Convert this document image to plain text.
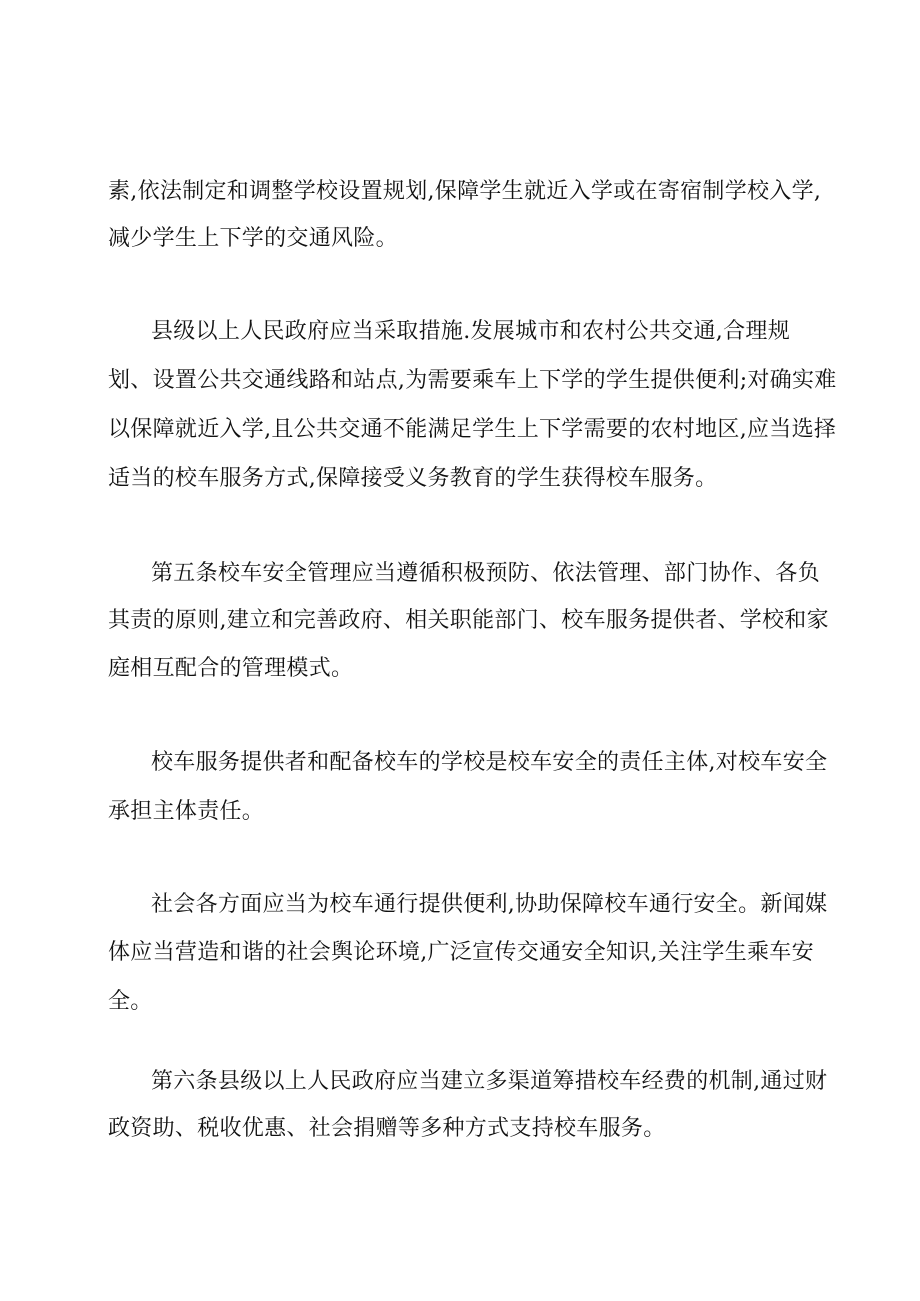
素,依法制定和调整学校设置规划,保障学生就近入学或在寄宿制学校入学,
减少学生上下学的交通风险。
县级以上人民政府应当采取措施.发展城市和农村公共交通,合理规
划、设置公共交通线路和站点,为需要乘车上下学的学生提供便利;对确实难
以保障就近入学,且公共交通不能满足学生上下学需要的农村地区,应当选择
适当的校车服务方式,保障接受义务教育的学生获得校车服务。
第五条校车安全管理应当遵循积极预防、依法管理、部门协作、各负
其责的原则,建立和完善政府、相关职能部门、校车服务提供者、学校和家
庭相互配合的管理模式。
校车服务提供者和配备校车的学校是校车安全的责任主体,对校车安全
承担主体责任。
社会各方面应当为校车通行提供便利,协助保障校车通行安全。新闻媒
体应当营造和谐的社会舆论环境,广泛宣传交通安全知识,关注学生乘车安
全。
第六条县级以上人民政府应当建立多渠道筹措校车经费的机制,通过财
政资助、税收优惠、社会捐赠等多种方式支持校车服务。
